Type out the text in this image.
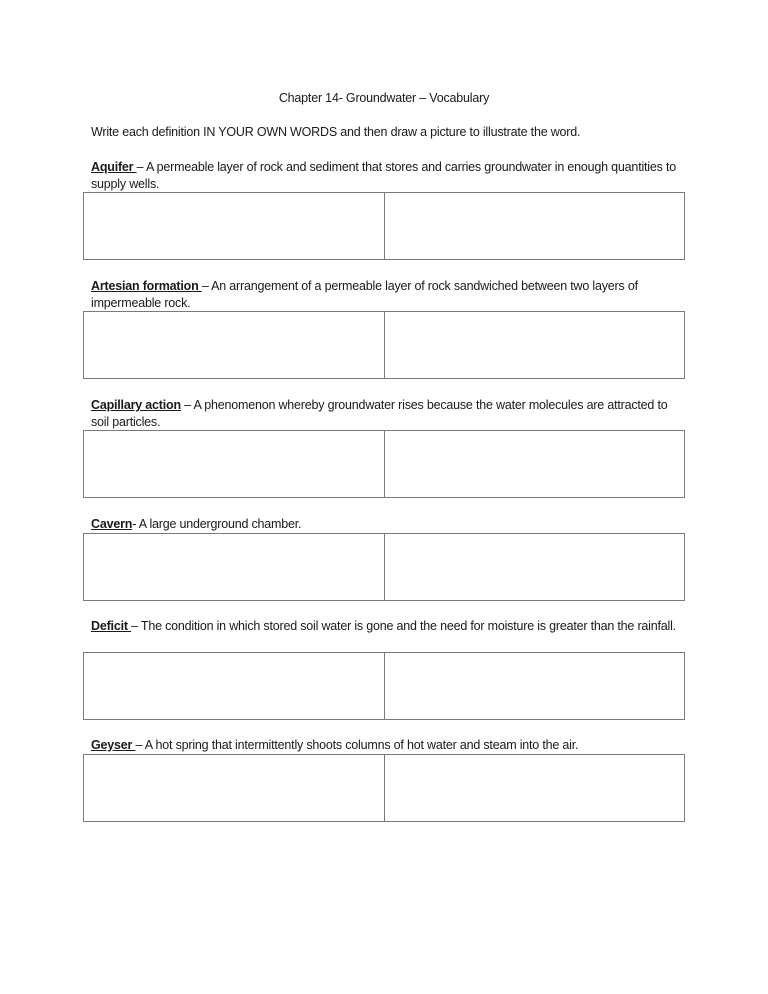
Chapter 14- Groundwater – Vocabulary
Write each definition IN YOUR OWN WORDS and then draw a picture to illustrate the word.
Aquifer – A permeable layer of rock and sediment that stores and carries groundwater in enough quantities to supply wells.
Artesian formation – An arrangement of a permeable layer of rock sandwiched between two layers of impermeable rock.
Capillary action – A phenomenon whereby groundwater rises because the water molecules are attracted to soil particles.
Cavern- A large underground chamber.
Deficit – The condition in which stored soil water is gone and the need for moisture is greater than the rainfall.
Geyser – A hot spring that intermittently shoots columns of hot water and steam into the air.
